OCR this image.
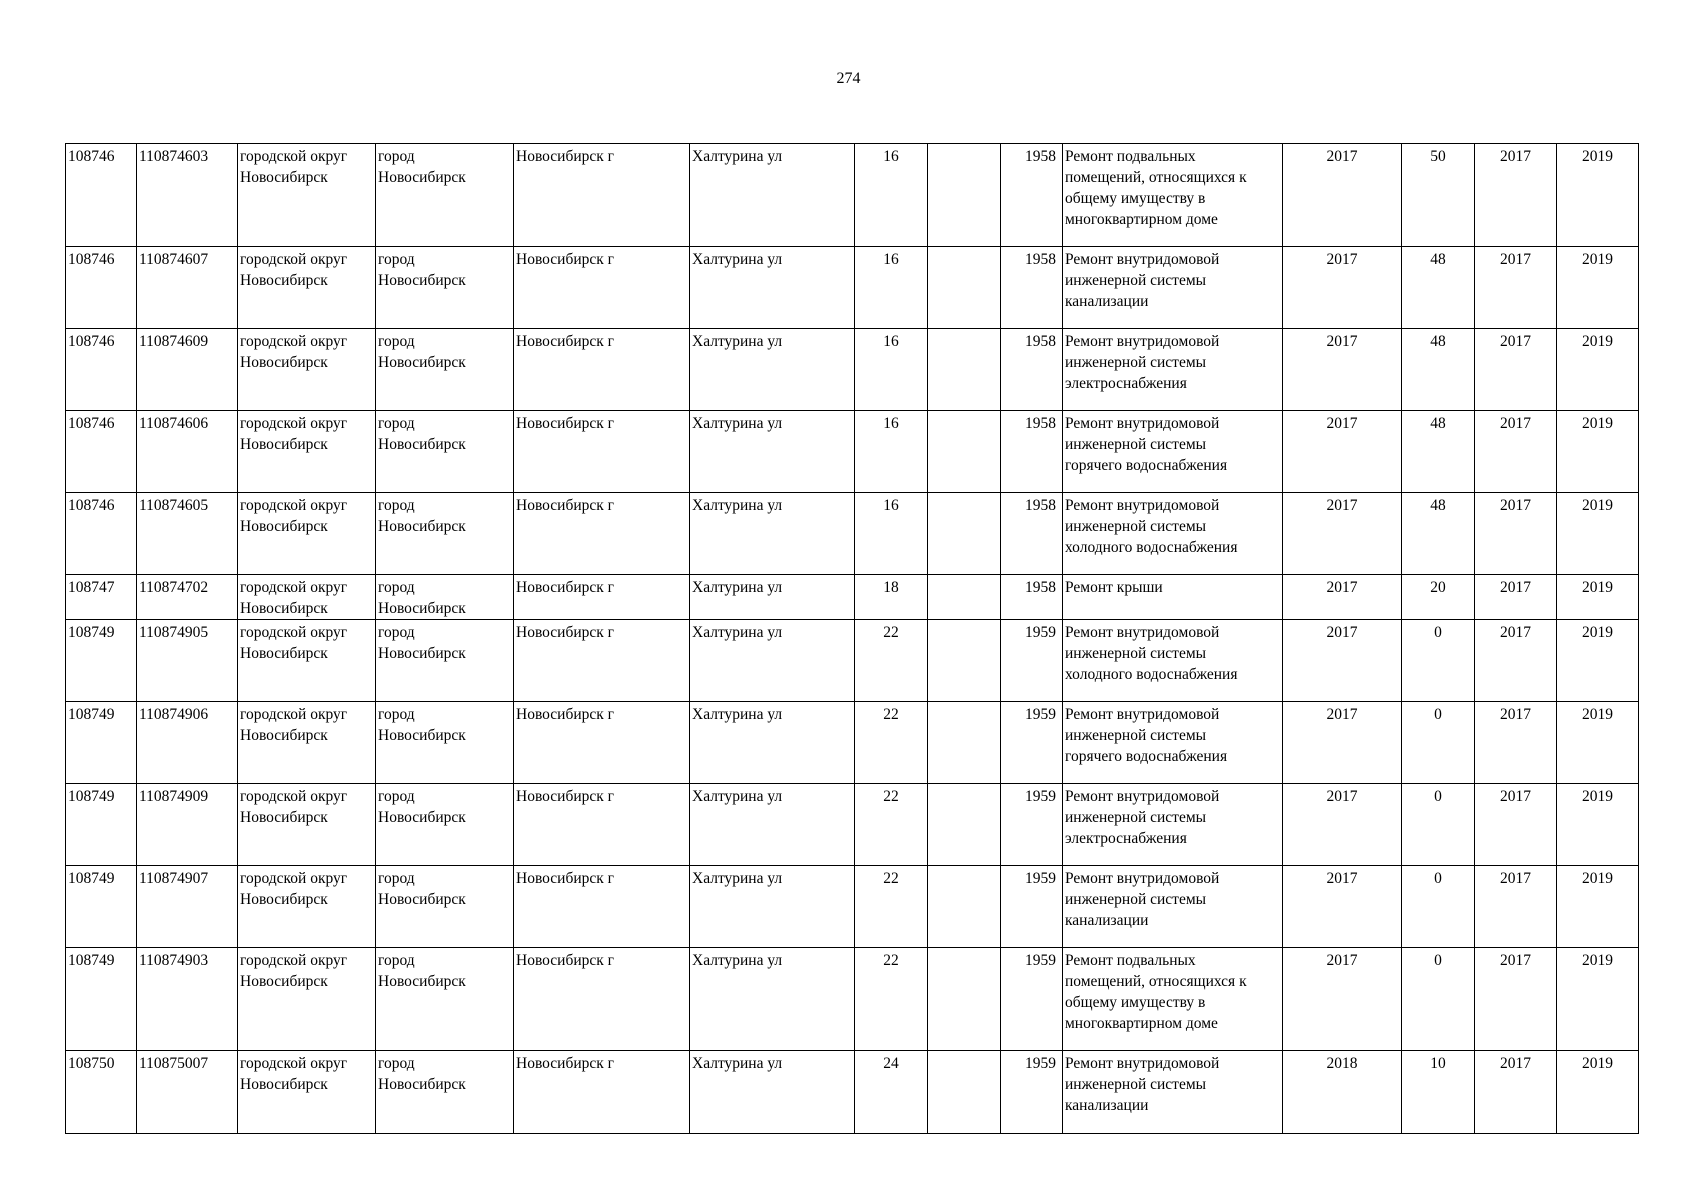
274
108746	110874603	городской округ
Новосибирск	город
Новосибирск	Новосибирск г	Халтурина ул	16		1958	Ремонт подвальных
помещений, относящихся к
общему имуществу в
многоквартирном доме	2017	50	2017	2019
108746	110874607	городской округ
Новосибирск	город
Новосибирск	Новосибирск г	Халтурина ул	16		1958	Ремонт внутридомовой
инженерной системы
канализации	2017	48	2017	2019
108746	110874609	городской округ
Новосибирск	город
Новосибирск	Новосибирск г	Халтурина ул	16		1958	Ремонт внутридомовой
инженерной системы
электроснабжения	2017	48	2017	2019
108746	110874606	городской округ
Новосибирск	город
Новосибирск	Новосибирск г	Халтурина ул	16		1958	Ремонт внутридомовой
инженерной системы
горячего водоснабжения	2017	48	2017	2019
108746	110874605	городской округ
Новосибирск	город
Новосибирск	Новосибирск г	Халтурина ул	16		1958	Ремонт внутридомовой
инженерной системы
холодного водоснабжения	2017	48	2017	2019
108747	110874702	городской округ
Новосибирск	город
Новосибирск	Новосибирск г	Халтурина ул	18		1958	Ремонт крыши	2017	20	2017	2019
108749	110874905	городской округ
Новосибирск	город
Новосибирск	Новосибирск г	Халтурина ул	22		1959	Ремонт внутридомовой
инженерной системы
холодного водоснабжения	2017	0	2017	2019
108749	110874906	городской округ
Новосибирск	город
Новосибирск	Новосибирск г	Халтурина ул	22		1959	Ремонт внутридомовой
инженерной системы
горячего водоснабжения	2017	0	2017	2019
108749	110874909	городской округ
Новосибирск	город
Новосибирск	Новосибирск г	Халтурина ул	22		1959	Ремонт внутридомовой
инженерной системы
электроснабжения	2017	0	2017	2019
108749	110874907	городской округ
Новосибирск	город
Новосибирск	Новосибирск г	Халтурина ул	22		1959	Ремонт внутридомовой
инженерной системы
канализации	2017	0	2017	2019
108749	110874903	городской округ
Новосибирск	город
Новосибирск	Новосибирск г	Халтурина ул	22		1959	Ремонт подвальных
помещений, относящихся к
общему имуществу в
многоквартирном доме	2017	0	2017	2019
108750	110875007	городской округ
Новосибирск	город
Новосибирск	Новосибирск г	Халтурина ул	24		1959	Ремонт внутридомовой
инженерной системы
канализации	2018	10	2017	2019
